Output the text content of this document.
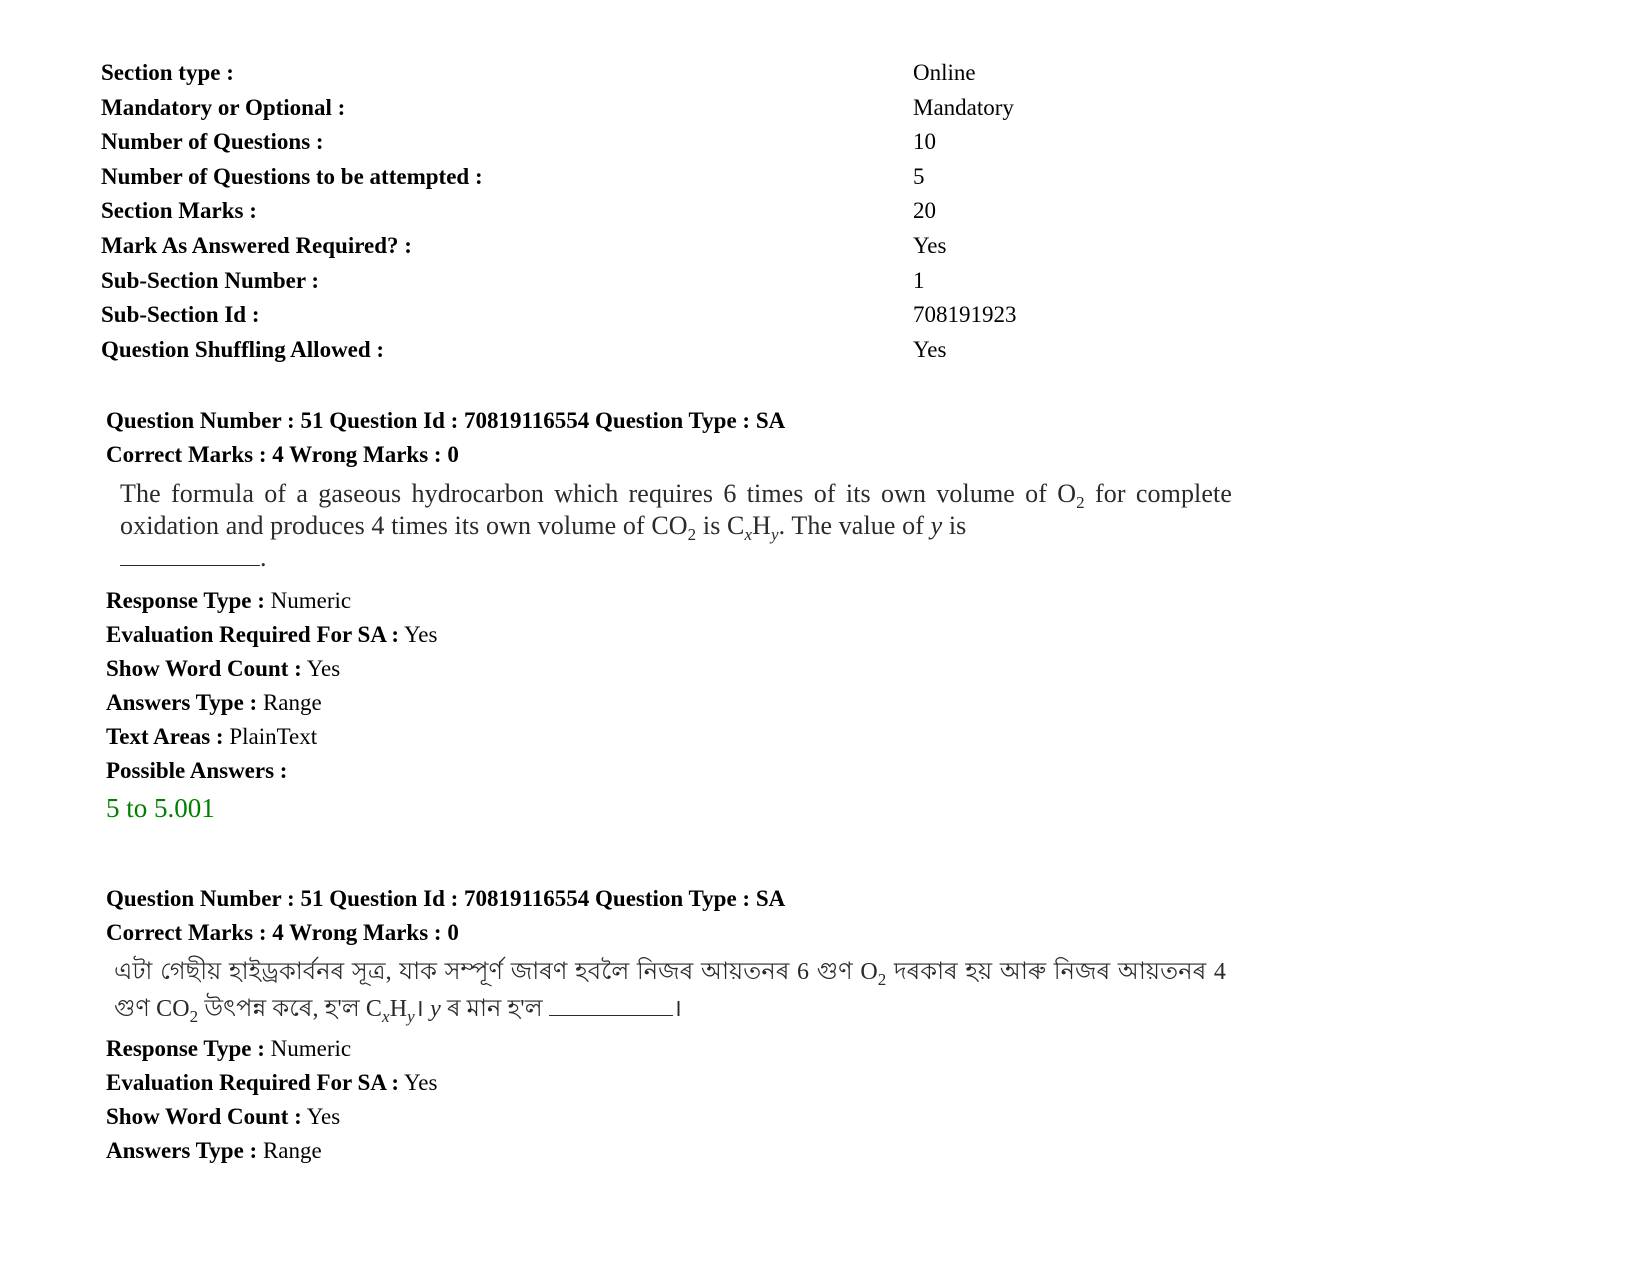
Section type :	Online
Mandatory or Optional :	Mandatory
Number of Questions :	10
Number of Questions to be attempted :	5
Section Marks :	20
Mark As Answered Required? :	Yes
Sub-Section Number :	1
Sub-Section Id :	708191923
Question Shuffling Allowed :	Yes
Question Number : 51 Question Id : 70819116554 Question Type : SA
Correct Marks : 4 Wrong Marks : 0
The formula of a gaseous hydrocarbon which requires 6 times of its own volume of $O_2$ for complete oxidation and produces 4 times its own volume of $CO_2$ is $C_xH_y$. The value of y is
.
Response Type : Numeric
Evaluation Required For SA : Yes
Show Word Count : Yes
Answers Type : Range
Text Areas : PlainText
Possible Answers :
5 to 5.001
Question Number : 51 Question Id : 70819116554 Question Type : SA
Correct Marks : 4 Wrong Marks : 0
এটা গেছীয় হাইড্ৰকাৰ্বনৰ সূত্ৰ, যাক সম্পূৰ্ণ জাৰণ হবলৈ নিজৰ আয়তনৰ 6 গুণ $O_2$ দৰকাৰ হয় আৰু নিজৰ আয়তনৰ 4 গুণ $CO_2$ উৎপন্ন কৰে, হ'ল $C_xH_y।$ y ৰ মান হ'ল	।
Response Type : Numeric
Evaluation Required For SA : Yes
Show Word Count : Yes
Answers Type : Range
